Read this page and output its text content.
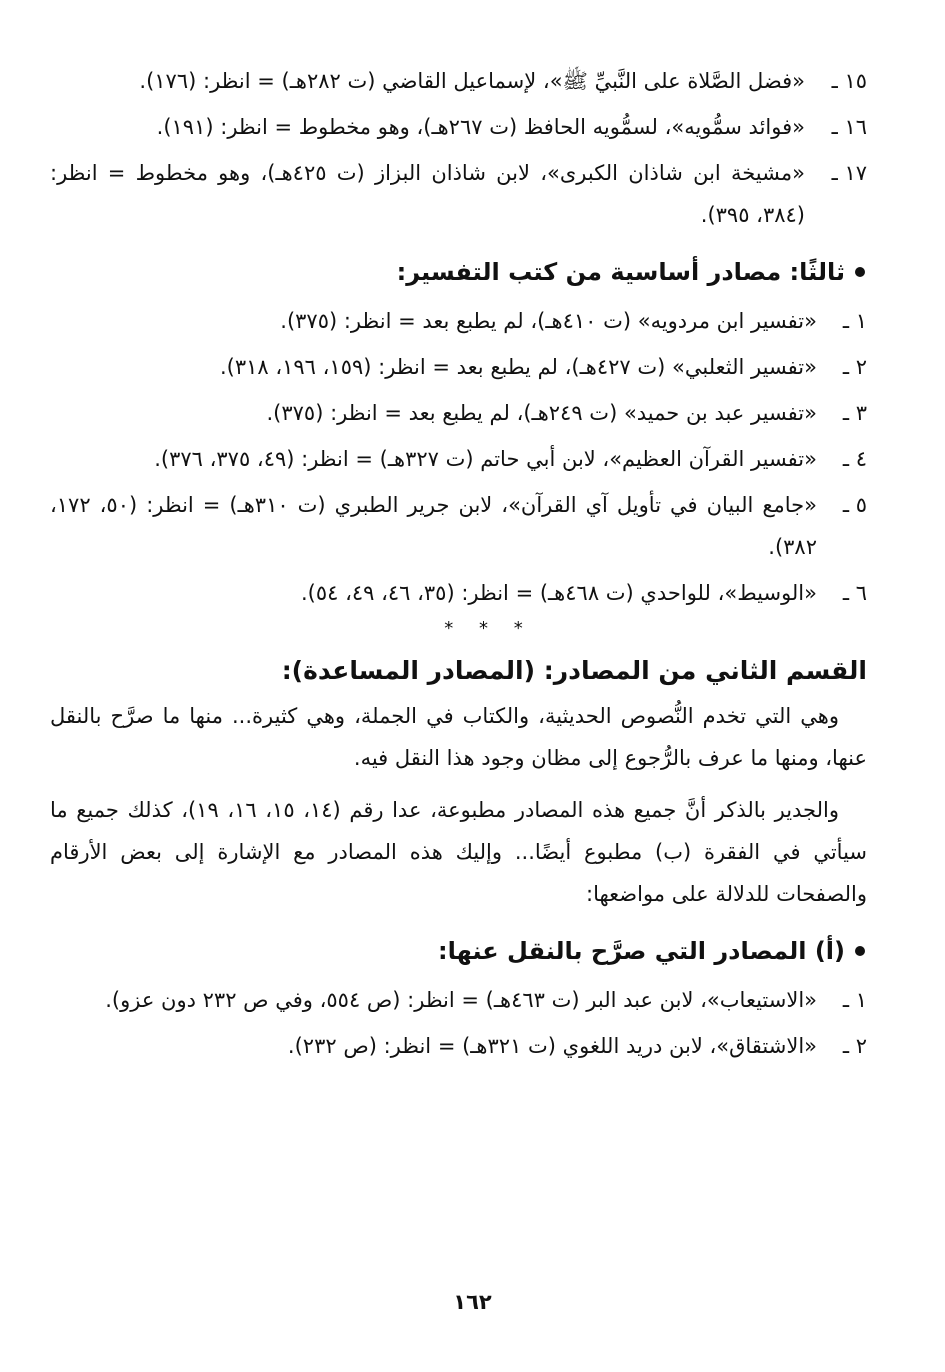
١٥ ـ
«فضل الصَّلاة على النَّبيِّ ﷺ»، لإسماعيل القاضي (ت ٢٨٢هـ) = انظر: (١٧٦).
١٦ ـ
«فوائد سمُّويه»، لسمُّويه الحافظ (ت ٢٦٧هـ)، وهو مخطوط = انظر: (١٩١).
١٧ ـ
«مشيخة ابن شاذان الكبرى»، لابن شاذان البزاز (ت ٤٢٥هـ)، وهو مخطوط = انظر: (٣٨٤، ٣٩٥).
ثالثًا: مصادر أساسية من كتب التفسير:
١ ـ
«تفسير ابن مردويه» (ت ٤١٠هـ)، لم يطبع بعد = انظر: (٣٧٥).
٢ ـ
«تفسير الثعلبي» (ت ٤٢٧هـ)، لم يطبع بعد = انظر: (١٥٩، ١٩٦، ٣١٨).
٣ ـ
«تفسير عبد بن حميد» (ت ٢٤٩هـ)، لم يطبع بعد = انظر: (٣٧٥).
٤ ـ
«تفسير القرآن العظيم»، لابن أبي حاتم (ت ٣٢٧هـ) = انظر: (٤٩، ٣٧٥، ٣٧٦).
٥ ـ
«جامع البيان في تأويل آي القرآن»، لابن جرير الطبري (ت ٣١٠هـ) = انظر: (٥٠، ١٧٢، ٣٨٢).
٦ ـ
«الوسيط»، للواحدي (ت ٤٦٨هـ) = انظر: (٣٥، ٤٦، ٤٩، ٥٤).
* * *
القسم الثاني من المصادر: (المصادر المساعدة):

وهي التي تخدم النُّصوص الحديثية، والكتاب في الجملة، وهي كثيرة... منها ما صرَّح بالنقل عنها، ومنها ما عرف بالرُّجوع إلى مظان وجود هذا النقل فيه.

والجدير بالذكر أنَّ جميع هذه المصادر مطبوعة، عدا رقم (١٤، ١٥، ١٦، ١٩)، كذلك جميع ما سيأتي في الفقرة (ب) مطبوع أيضًا... وإليك هذه المصادر مع الإشارة إلى بعض الأرقام والصفحات للدلالة على مواضعها:

(أ) المصادر التي صرَّح بالنقل عنها:
١ ـ
«الاستيعاب»، لابن عبد البر (ت ٤٦٣هـ) = انظر: (ص ٥٥٤، وفي ص ٢٣٢ دون عزو).
٢ ـ
«الاشتقاق»، لابن دريد اللغوي (ت ٣٢١هـ) = انظر: (ص ٢٣٢).
١٦٢
